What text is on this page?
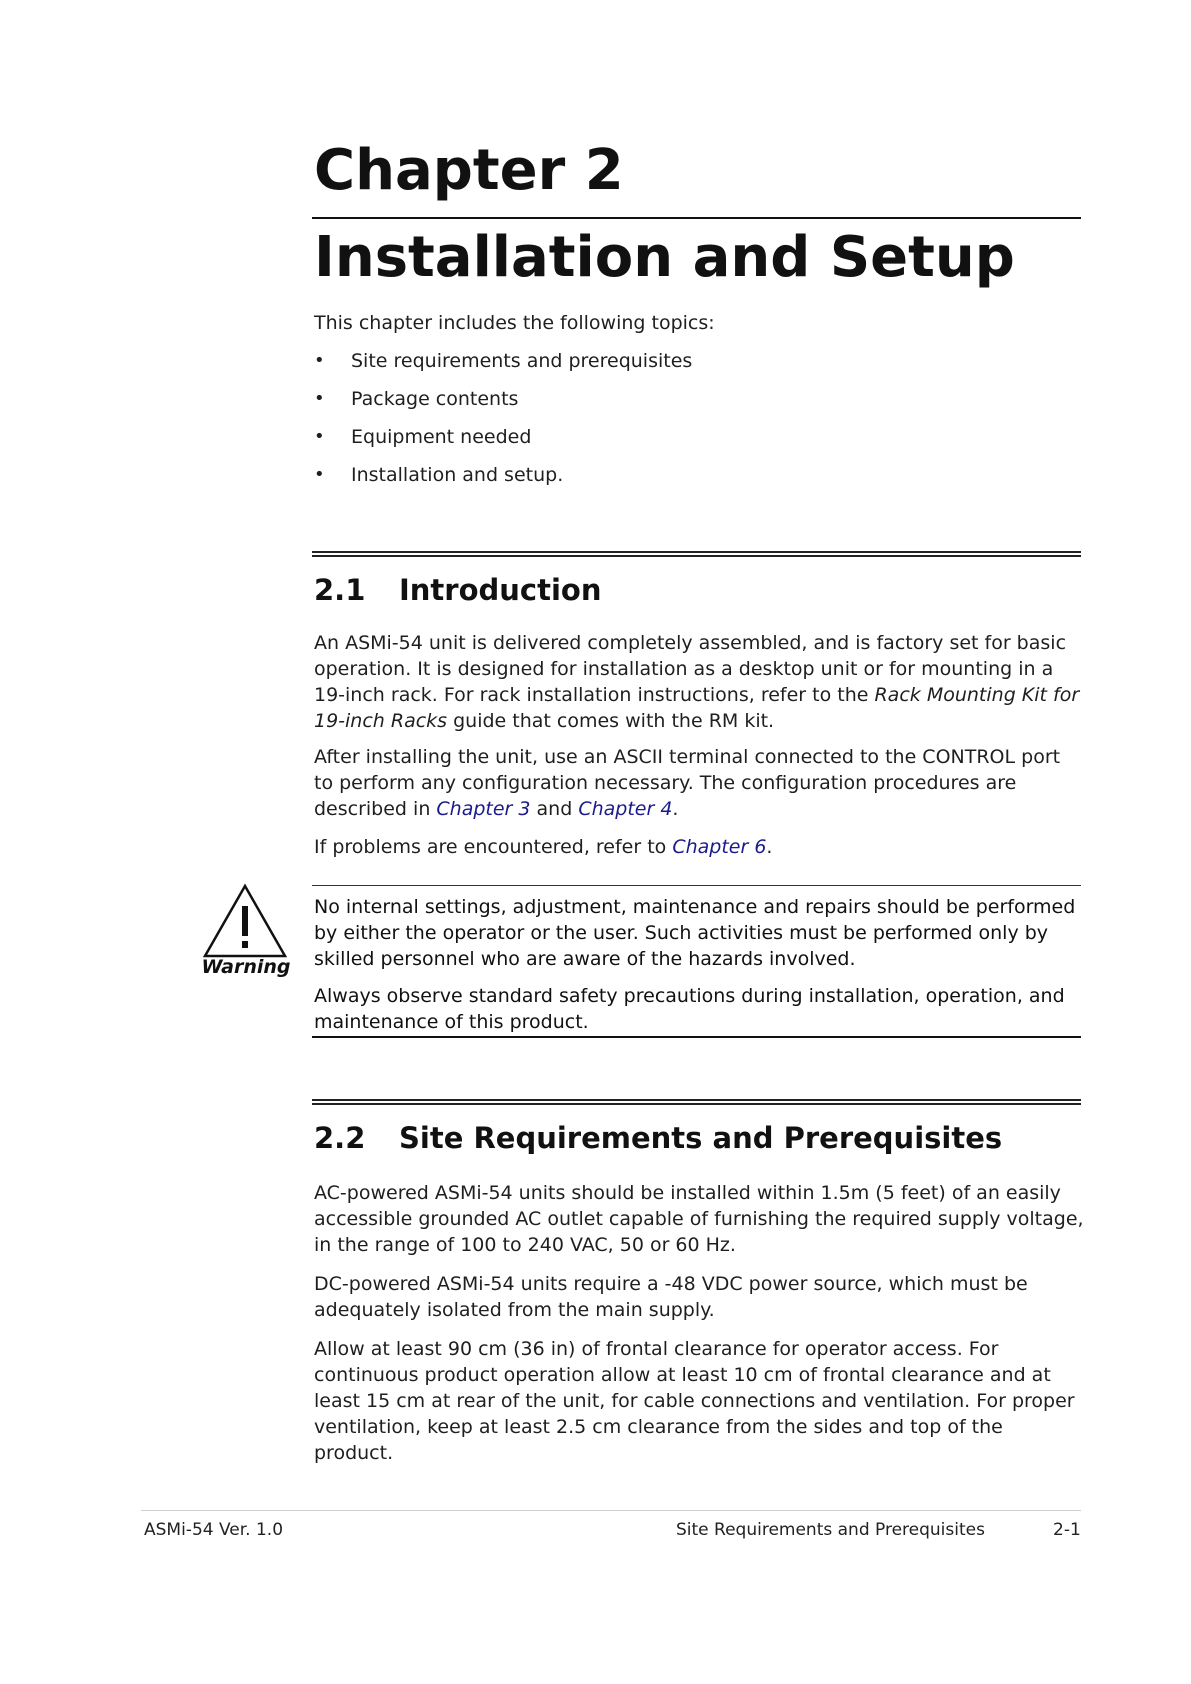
Chapter 2
Installation and Setup
This chapter includes the following topics:
• Site requirements and prerequisites
• Package contents
• Equipment needed
• Installation and setup.
2.1 Introduction

An ASMi-54 unit is delivered completely assembled, and is factory set for basic operation. It is designed for installation as a desktop unit or for mounting in a 19-inch rack. For rack installation instructions, refer to the Rack Mounting Kit for 19-inch Racks guide that comes with the RM kit.

After installing the unit, use an ASCII terminal connected to the CONTROL port to perform any configuration necessary. The configuration procedures are described in Chapter 3 and Chapter 4.

If problems are encountered, refer to Chapter 6.

Warning

No internal settings, adjustment, maintenance and repairs should be performed by either the operator or the user. Such activities must be performed only by skilled personnel who are aware of the hazards involved.

Always observe standard safety precautions during installation, operation, and maintenance of this product.

2.2 Site Requirements and Prerequisites

AC-powered ASMi-54 units should be installed within 1.5m (5 feet) of an easily accessible grounded AC outlet capable of furnishing the required supply voltage, in the range of 100 to 240 VAC, 50 or 60 Hz.

DC-powered ASMi-54 units require a -48 VDC power source, which must be adequately isolated from the main supply.

Allow at least 90 cm (36 in) of frontal clearance for operator access. For continuous product operation allow at least 10 cm of frontal clearance and at least 15 cm at rear of the unit, for cable connections and ventilation. For proper ventilation, keep at least 2.5 cm clearance from the sides and top of the product.

ASMi-54 Ver. 1.0	Site Requirements and Prerequisites	2-1
